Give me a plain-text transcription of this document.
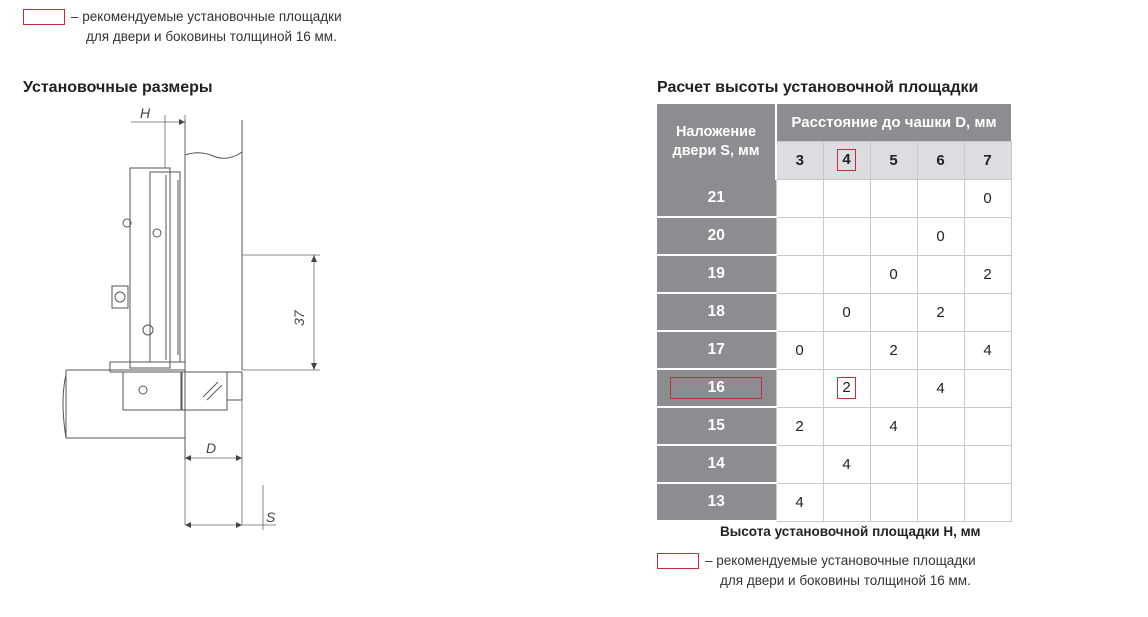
– рекомендуемые установочные площадки
для двери и боковины толщиной 16 мм.
Установочные размеры
H
37
D
S
Расчет высоты установочной площадки
Наложение
двери S, мм	Расстояние до чашки D, мм				
	3	4	5	6	7
21					0
20				0	
19			0		2
18		0		2	
17	0		2		4
16		2		4	
15	2		4		
14		4			
13	4				
Высота установочной площадки H, мм
– рекомендуемые установочные площадки
для двери и боковины толщиной 16 мм.
